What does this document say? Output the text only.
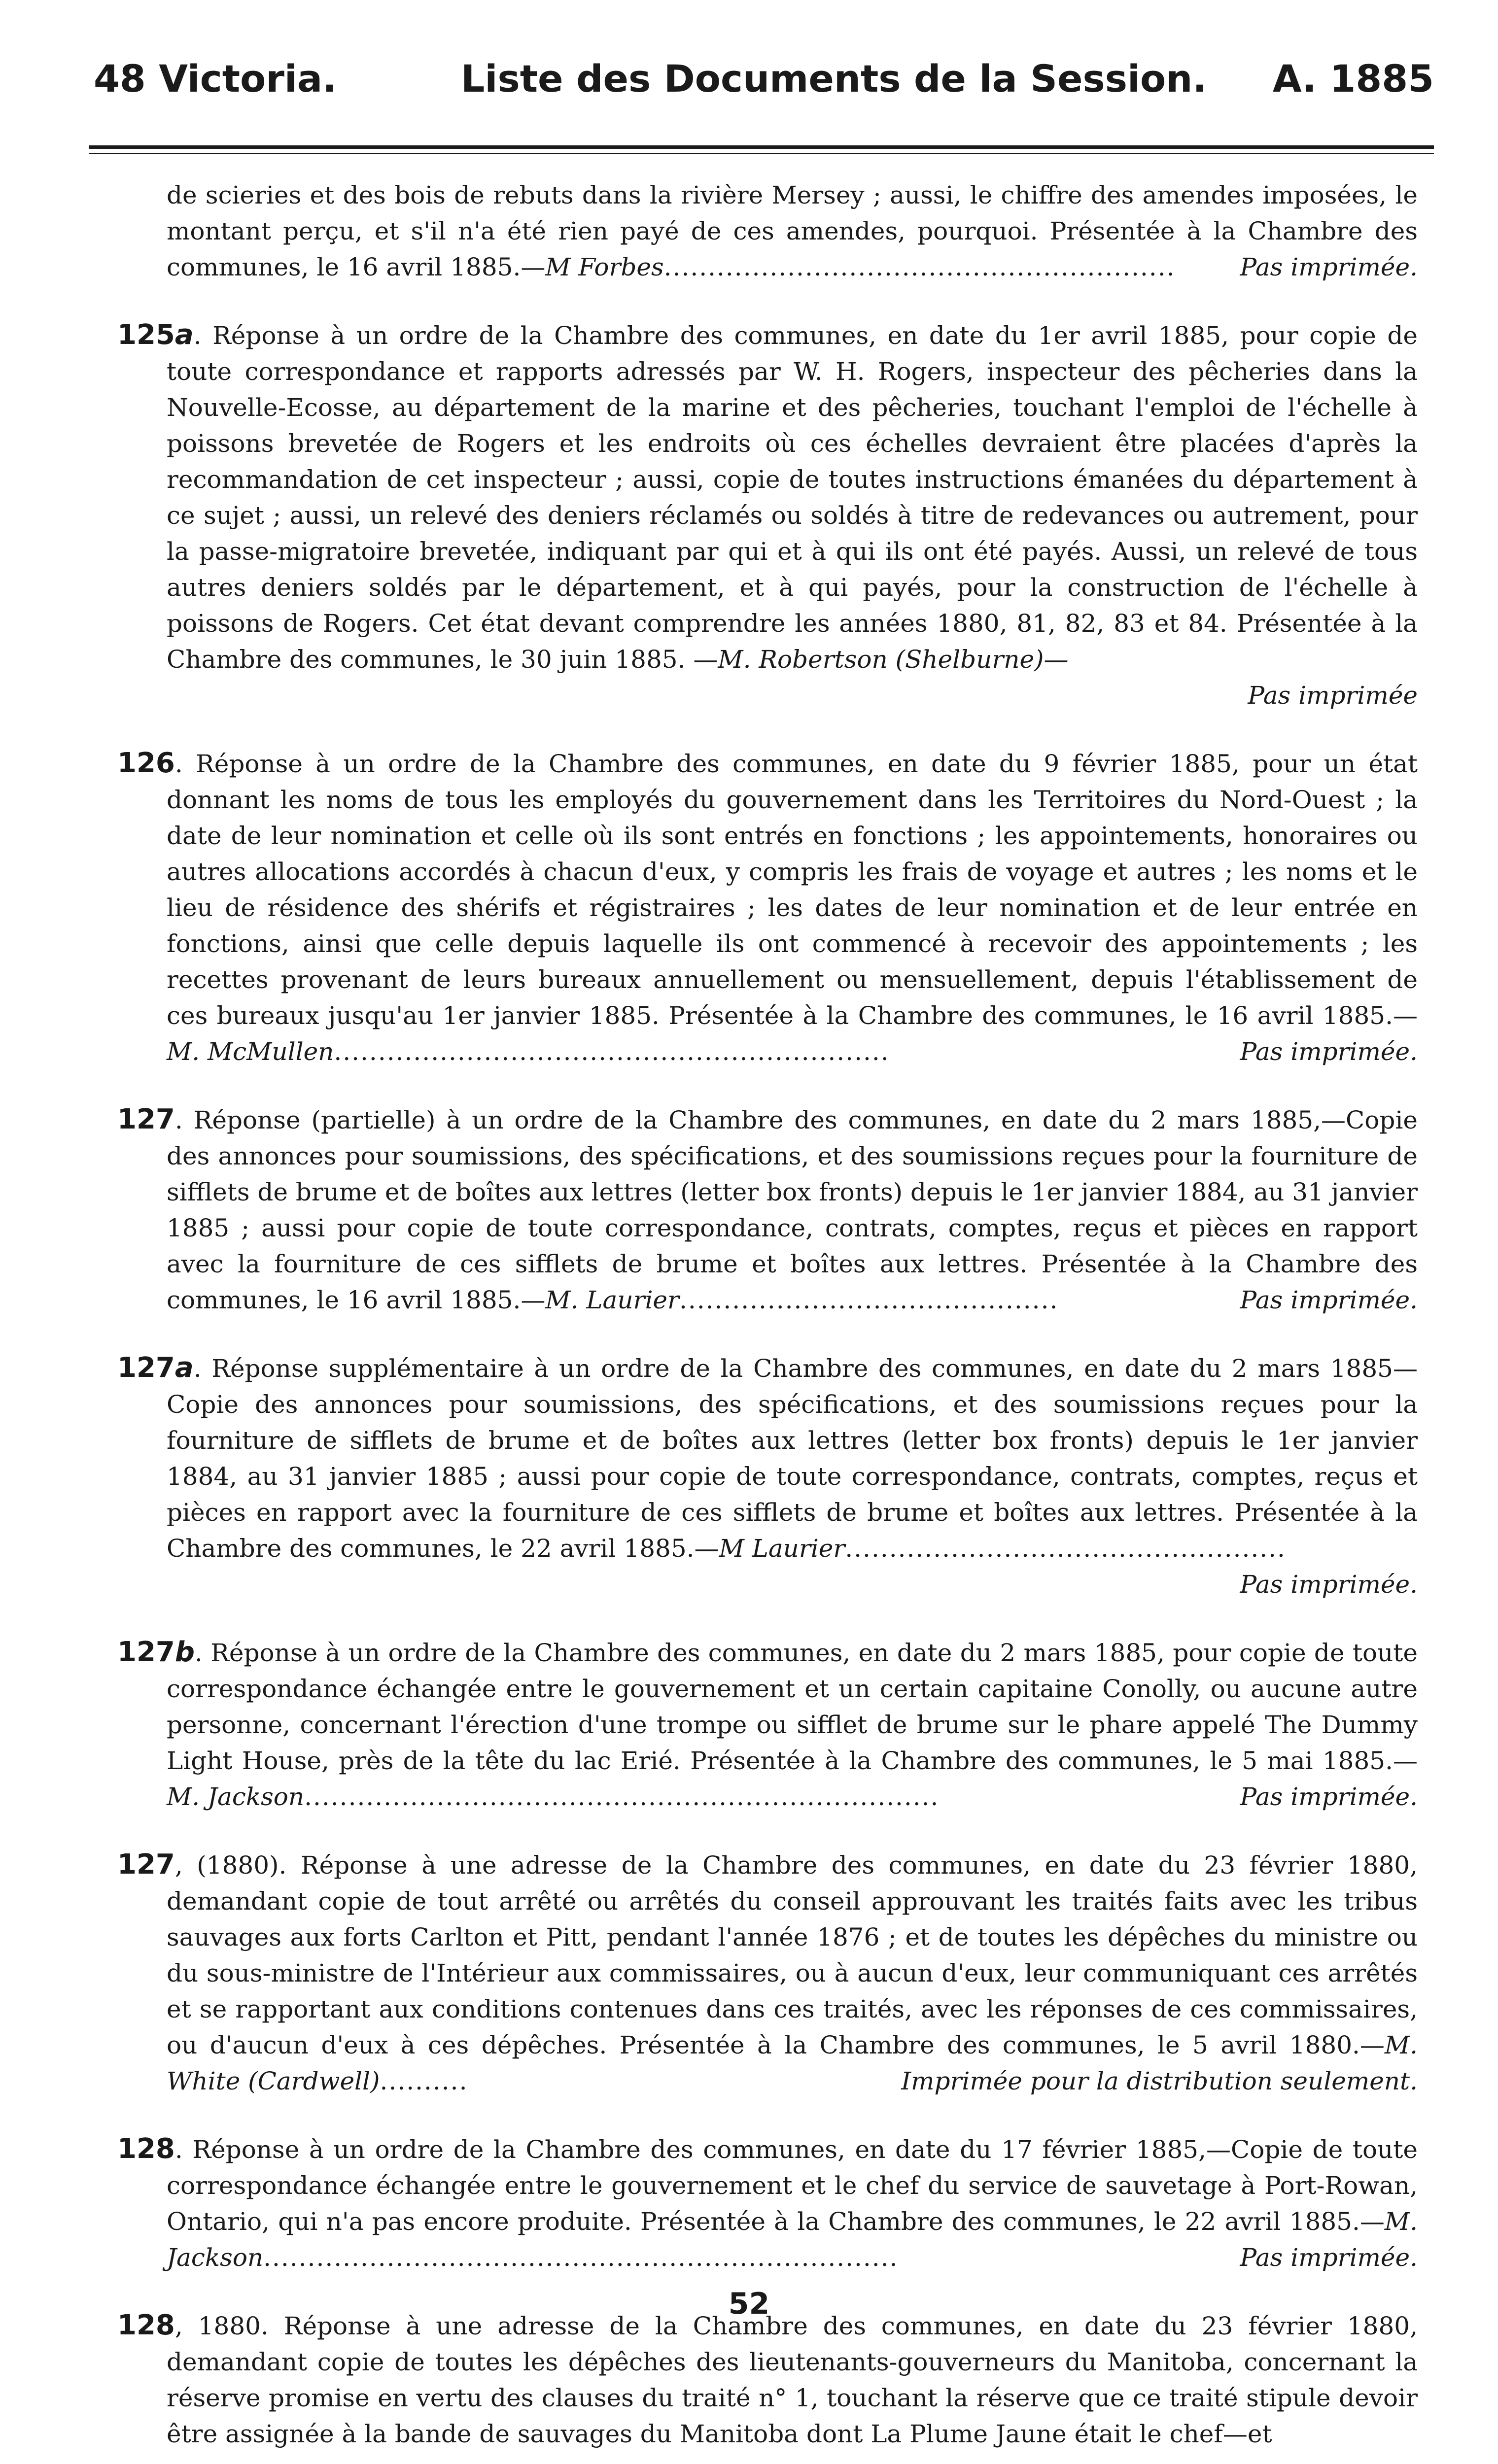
48 Victoria.	Liste des Documents de la Session. A. 1885

de scieries et des bois de rebuts dans la rivière Mersey ; aussi, le chiffre des amendes imposées, le montant perçu, et s'il n'a été rien payé de ces amendes, pourquoi. Présentée à la Chambre des communes, le 16 avril 1885.—M Forbes..........................................................	Pas imprimée.

125a. Réponse à un ordre de la Chambre des communes, en date du 1er avril 1885, pour copie de toute correspondance et rapports adressés par W. H. Rogers, inspecteur des pêcheries dans la Nouvelle-Ecosse, au département de la marine et des pêcheries, touchant l'emploi de l'échelle à poissons brevetée de Rogers et les endroits où ces échelles devraient être placées d'après la recommandation de cet inspecteur ; aussi, copie de toutes instructions émanées du département à ce sujet ; aussi, un relevé des deniers réclamés ou soldés à titre de redevances ou autrement, pour la passe-migratoire brevetée, indiquant par qui et à qui ils ont été payés. Aussi, un relevé de tous autres deniers soldés par le département, et à qui payés, pour la construction de l'échelle à poissons de Rogers. Cet état devant comprendre les années 1880, 81, 82, 83 et 84. Présentée à la Chambre des communes, le 30 juin 1885. —M. Robertson (Shelburne)—
Pas imprimée

126. Réponse à un ordre de la Chambre des communes, en date du 9 février 1885, pour un état donnant les noms de tous les employés du gouvernement dans les Territoires du Nord-Ouest ; la date de leur nomination et celle où ils sont entrés en fonctions ; les appointements, honoraires ou autres allocations accordés à chacun d'eux, y compris les frais de voyage et autres ; les noms et le lieu de résidence des shérifs et régistraires ; les dates de leur nomination et de leur entrée en fonctions, ainsi que celle depuis laquelle ils ont commencé à recevoir des appointements ; les recettes provenant de leurs bureaux annuellement ou mensuellement, depuis l'établissement de ces bureaux jusqu'au 1er janvier 1885. Présentée à la Chambre des communes, le 16 avril 1885.—M. McMullen...............................................................	Pas imprimée.

127. Réponse (partielle) à un ordre de la Chambre des communes, en date du 2 mars 1885,—Copie des annonces pour soumissions, des spécifications, et des soumissions reçues pour la fourniture de sifflets de brume et de boîtes aux lettres (letter box fronts) depuis le 1er janvier 1884, au 31 janvier 1885 ; aussi pour copie de toute correspondance, contrats, comptes, reçus et pièces en rapport avec la fourniture de ces sifflets de brume et boîtes aux lettres. Présentée à la Chambre des communes, le 16 avril 1885.—M. Laurier...........................................	Pas imprimée.

127a. Réponse supplémentaire à un ordre de la Chambre des communes, en date du 2 mars 1885—Copie des annonces pour soumissions, des spécifications, et des soumissions reçues pour la fourniture de sifflets de brume et de boîtes aux lettres (letter box fronts) depuis le 1er janvier 1884, au 31 janvier 1885 ; aussi pour copie de toute correspondance, contrats, comptes, reçus et pièces en rapport avec la fourniture de ces sifflets de brume et boîtes aux lettres. Présentée à la Chambre des communes, le 22 avril 1885.—M Laurier..................................................
Pas imprimée.

127b. Réponse à un ordre de la Chambre des communes, en date du 2 mars 1885, pour copie de toute correspondance échangée entre le gouvernement et un certain capitaine Conolly, ou aucune autre personne, concernant l'érection d'une trompe ou sifflet de brume sur le phare appelé The Dummy Light House, près de la tête du lac Erié. Présentée à la Chambre des communes, le 5 mai 1885.—M. Jackson........................................................................	Pas imprimée.

127, (1880). Réponse à une adresse de la Chambre des communes, en date du 23 février 1880, demandant copie de tout arrêté ou arrêtés du conseil approuvant les traités faits avec les tribus sauvages aux forts Carlton et Pitt, pendant l'année 1876 ; et de toutes les dépêches du ministre ou du sous-ministre de l'Intérieur aux commissaires, ou à aucun d'eux, leur communiquant ces arrêtés et se rapportant aux conditions contenues dans ces traités, avec les réponses de ces commissaires, ou d'aucun d'eux à ces dépêches. Présentée à la Chambre des communes, le 5 avril 1880.—M. White (Cardwell)..........	Imprimée pour la distribution seulement.

128. Réponse à un ordre de la Chambre des communes, en date du 17 février 1885,—Copie de toute correspondance échangée entre le gouvernement et le chef du service de sauvetage à Port-Rowan, Ontario, qui n'a pas encore produite. Présentée à la Chambre des communes, le 22 avril 1885.—M. Jackson........................................................................	Pas imprimée.

128, 1880. Réponse à une adresse de la Chambre des communes, en date du 23 février 1880, demandant copie de toutes les dépêches des lieutenants-gouverneurs du Manitoba, concernant la réserve promise en vertu des clauses du traité n° 1, touchant la réserve que ce traité stipule devoir être assignée à la bande de sauvages du Manitoba dont La Plume Jaune était le chef—et

52
